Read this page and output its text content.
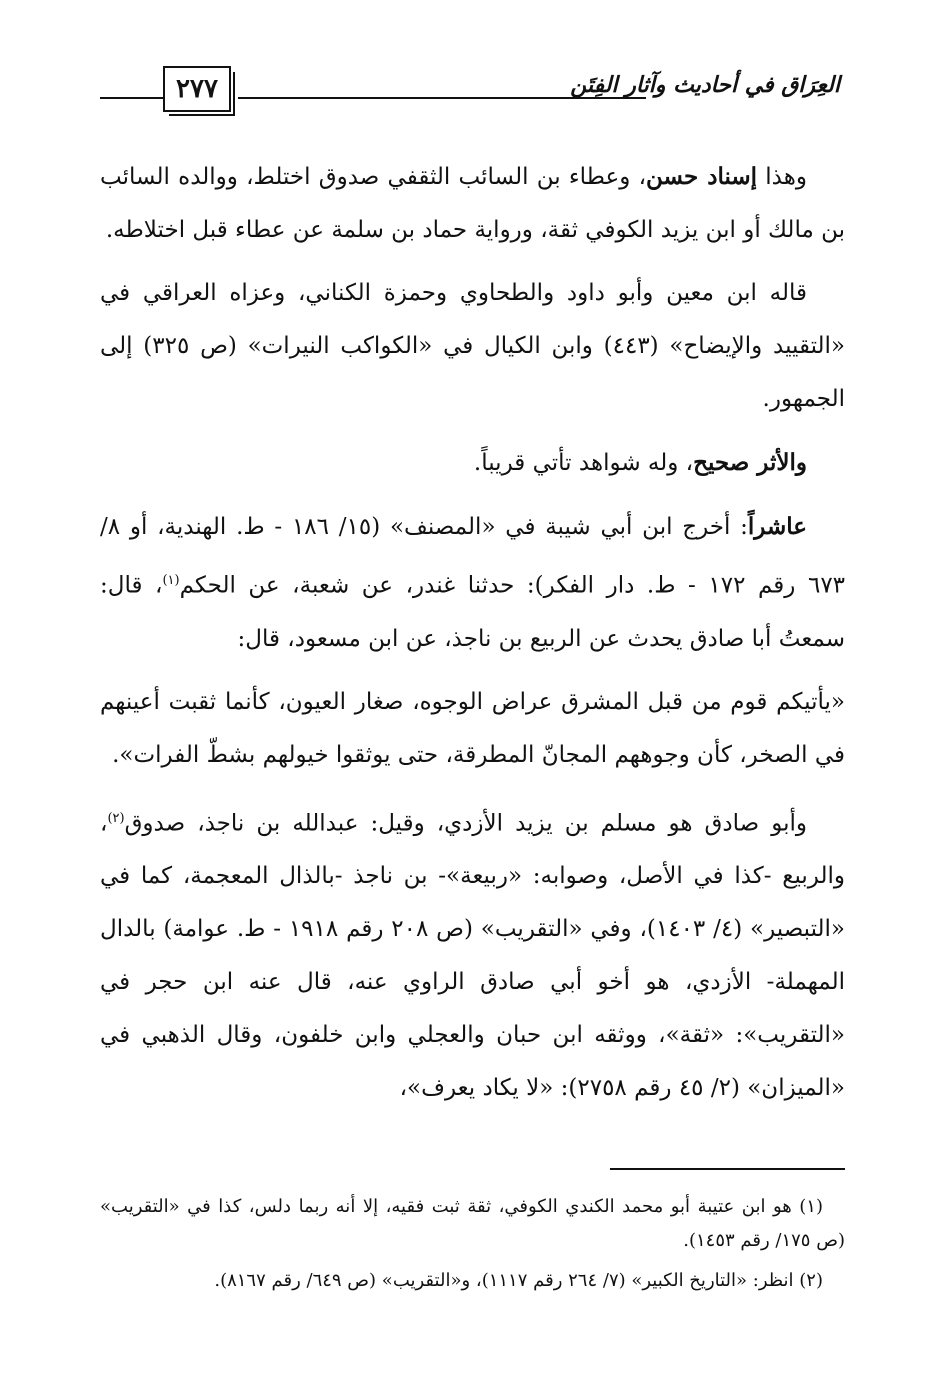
٢٧٧	العِرَاق في أحاديث وآثار الفِتَن

وهذا إسناد حسن، وعطاء بن السائب الثقفي صدوق اختلط، ووالده السائب بن مالك أو ابن يزيد الكوفي ثقة، ورواية حماد بن سلمة عن عطاء قبل اختلاطه.

قاله ابن معين وأبو داود والطحاوي وحمزة الكناني، وعزاه العراقي في «التقييد والإيضاح» (٤٤٣) وابن الكيال في «الكواكب النيرات» (ص ٣٢٥) إلى الجمهور.

والأثر صحيح، وله شواهد تأتي قريباً.

عاشراً: أخرج ابن أبي شيبة في «المصنف» (١٥/ ١٨٦ - ط. الهندية، أو ٨/ ٦٧٣ رقم ١٧٢ - ط. دار الفكر): حدثنا غندر، عن شعبة، عن الحكم$^{(١)}$، قال: سمعتُ أبا صادق يحدث عن الربيع بن ناجذ، عن ابن مسعود، قال:

«يأتيكم قوم من قبل المشرق عراض الوجوه، صغار العيون، كأنما ثقبت أعينهم في الصخر، كأن وجوههم المجانّ المطرقة، حتى يوثقوا خيولهم بشطّ الفرات».

وأبو صادق هو مسلم بن يزيد الأزدي، وقيل: عبدالله بن ناجذ، صدوق$^{(٢)}$، والربيع -كذا في الأصل، وصوابه: «ربيعة»- بن ناجذ -بالذال المعجمة، كما في «التبصير» (٤/ ١٤٠٣)، وفي «التقريب» (ص ٢٠٨ رقم ١٩١٨ - ط. عوامة) بالدال المهملة- الأزدي، هو أخو أبي صادق الراوي عنه، قال عنه ابن حجر في «التقريب»: «ثقة»، ووثقه ابن حبان والعجلي وابن خلفون، وقال الذهبي في «الميزان» (٢/ ٤٥ رقم ٢٧٥٨): «لا يكاد يعرف»،

(١) هو ابن عتيبة أبو محمد الكندي الكوفي، ثقة ثبت فقيه، إلا أنه ربما دلس، كذا في «التقريب» (ص ١٧٥/ رقم ١٤٥٣).

(٢) انظر: «التاريخ الكبير» (٧/ ٢٦٤ رقم ١١١٧)، و«التقريب» (ص ٦٤٩/ رقم ٨١٦٧).
